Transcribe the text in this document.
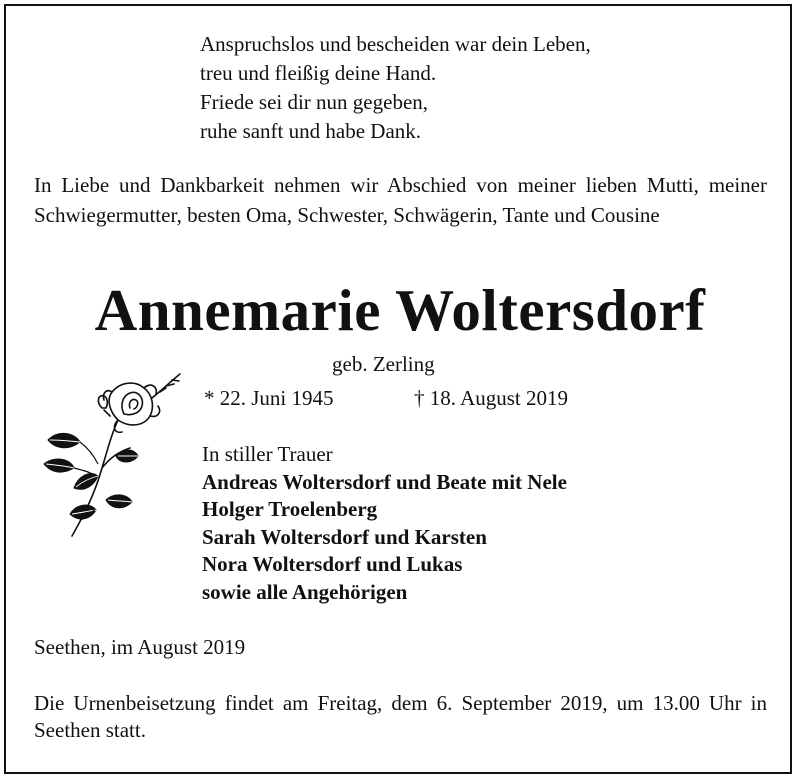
Anspruchslos und bescheiden war dein Leben,
treu und fleißig deine Hand.
Friede sei dir nun gegeben,
ruhe sanft und habe Dank.
In Liebe und Dankbarkeit nehmen wir Abschied von meiner lieben Mutti, meiner Schwiegermutter, besten Oma, Schwester, Schwägerin, Tante und Cousine
Annemarie Woltersdorf
geb. Zerling
* 22. Juni 1945	† 18. August 2019
In stiller Trauer
Andreas Woltersdorf und Beate mit Nele
Holger Troelenberg
Sarah Woltersdorf und Karsten
Nora Woltersdorf und Lukas
sowie alle Angehörigen
Seethen, im August 2019
Die Urnenbeisetzung findet am Freitag, dem 6. September 2019, um 13.00 Uhr in Seethen statt.
